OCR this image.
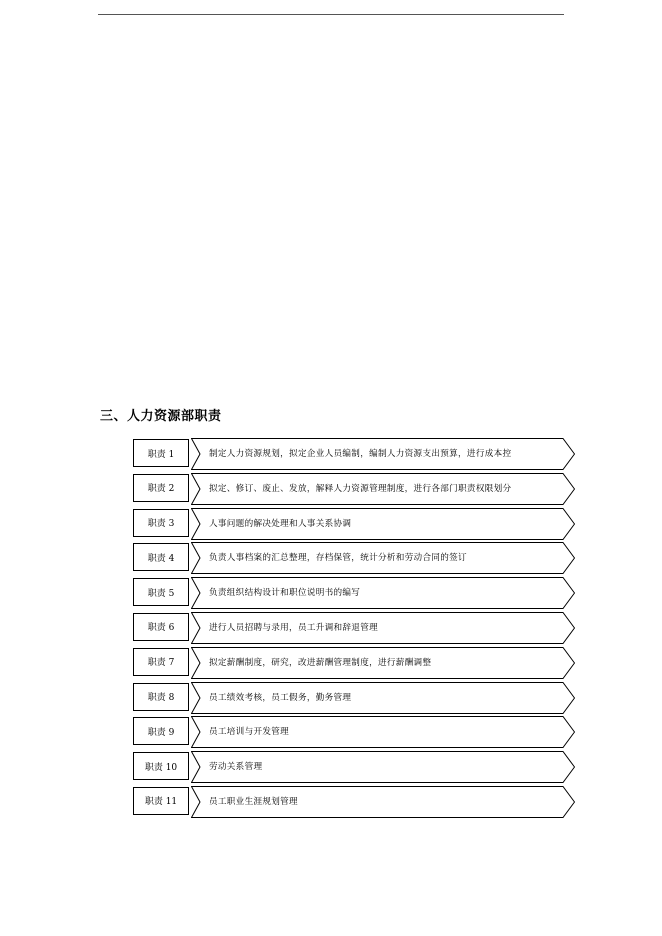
三、人力资源部职责
职责 1	制定人力资源规划，拟定企业人员编制，编制人力资源支出预算，进行成本控
职责 2	拟定、修订、废止、发放，解释人力资源管理制度，进行各部门职责权限划分
职责 3	人事问题的解决处理和人事关系协调
职责 4	负责人事档案的汇总整理，存档保管，统计分析和劳动合同的签订
职责 5	负责组织结构设计和职位说明书的编写
职责 6	进行人员招聘与录用，员工升调和辞退管理
职责 7	拟定薪酬制度，研究，改进薪酬管理制度，进行薪酬调整
职责 8	员工绩效考核，员工假务，勤务管理
职责 9	员工培训与开发管理
职责 10	劳动关系管理
职责 11	员工职业生涯规划管理
